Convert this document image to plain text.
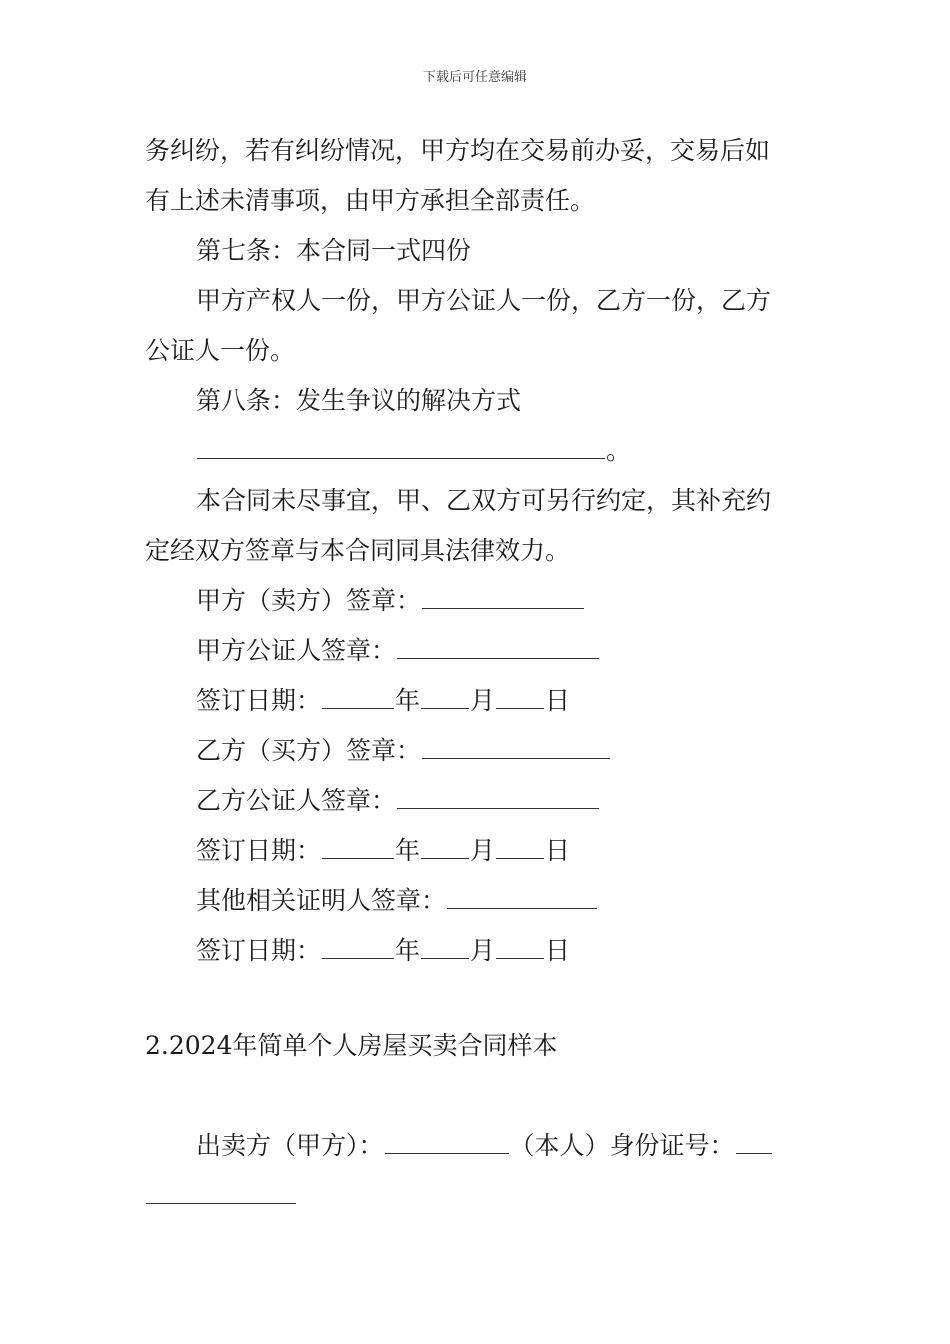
下载后可任意编辑
务纠纷，若有纠纷情况，甲方均在交易前办妥，交易后如
有上述未清事项，由甲方承担全部责任。
第七条：本合同一式四份
甲方产权人一份，甲方公证人一份，乙方一份，乙方
公证人一份。
第八条：发生争议的解决方式
。
本合同未尽事宜，甲、乙双方可另行约定，其补充约
定经双方签章与本合同同具法律效力。
甲方（卖方）签章：
甲方公证人签章：
签订日期：	年 月 日
乙方（买方）签章：
乙方公证人签章：
签订日期：	年 月 日
其他相关证明人签章：
签订日期：	年 月 日
2.2024年简单个人房屋买卖合同样本
出卖方（甲方）：	（本人）身份证号：
